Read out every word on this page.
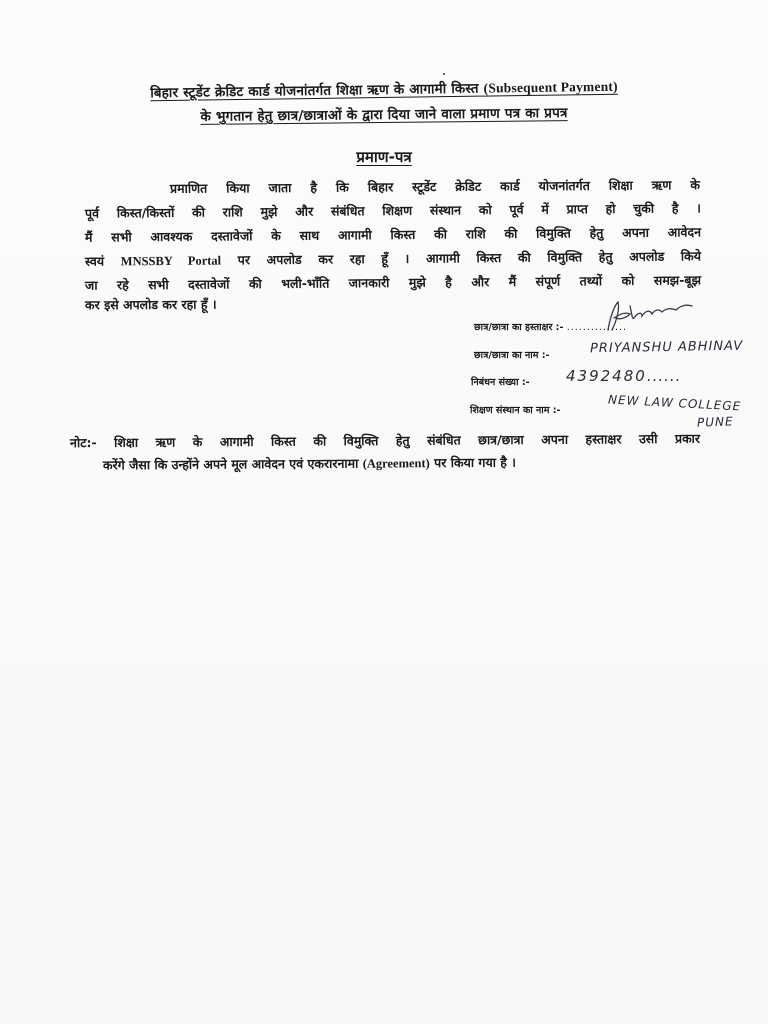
बिहार स्टूडेंट क्रेडिट कार्ड योजनांतर्गत शिक्षा ऋण के आगामी किस्त (Subsequent Payment)
के भुगतान हेतु छात्र/छात्राओं के द्वारा दिया जाने वाला प्रमाण पत्र का प्रपत्र
प्रमाण-पत्र
प्रमाणित किया जाता है कि बिहार स्टूडेंट क्रेडिट कार्ड योजनांतर्गत शिक्षा ऋण के
पूर्व किस्त/किस्तों की राशि मुझे और संबंधित शिक्षण संस्थान को पूर्व में प्राप्त हो चुकी है ।
मैं सभी आवश्यक दस्तावेजों के साथ आगामी किस्त की राशि की विमुक्ति हेतु अपना आवेदन
स्वयं MNSSBY Portal पर अपलोड कर रहा हूँ । आगामी किस्त की विमुक्ति हेतु अपलोड किये
जा रहे सभी दस्तावेजों की भली-भाँति जानकारी मुझे है और मैं संपूर्ण तथ्यों को समझ-बूझ
कर इसे अपलोड कर रहा हूँ ।
छात्र/छात्रा का हस्ताक्षर :- ...............
छात्र/छात्रा का नाम :-	PRIYANSHU ABHINAV
निबंधन संख्या :- 4392480......
शिक्षण संस्थान का नाम :-	NEW LAW COLLEGE
PUNE
नोट:- शिक्षा ऋण के आगामी किस्त की विमुक्ति हेतु संबंधित छात्र/छात्रा अपना हस्ताक्षर उसी प्रकार
करेंगे जैसा कि उन्होंने अपने मूल आवेदन एवं एकरारनामा (Agreement) पर किया गया है ।
